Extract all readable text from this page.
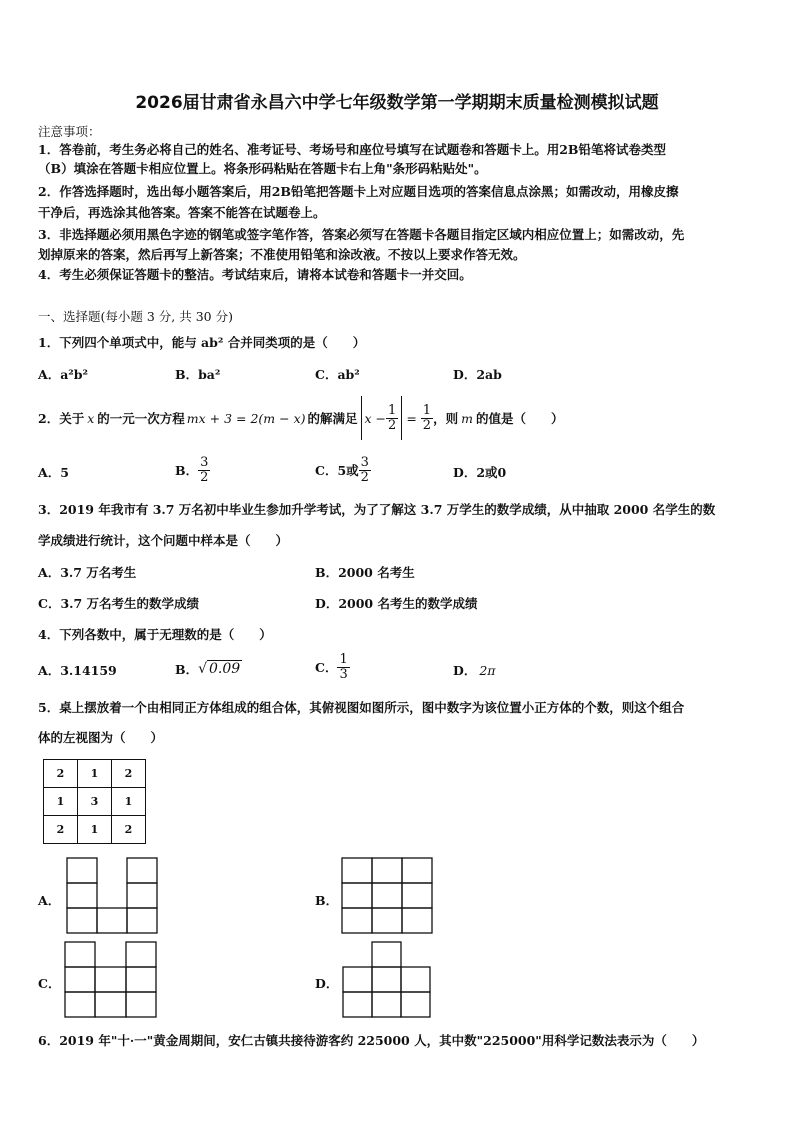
2026届甘肃省永昌六中学七年级数学第一学期期末质量检测模拟试题
注意事项：
1．答卷前，考生务必将自己的姓名、准考证号、考场号和座位号填写在试题卷和答题卡上。用2B铅笔将试卷类型
（B）填涂在答题卡相应位置上。将条形码粘贴在答题卡右上角"条形码粘贴处"。
2．作答选择题时，选出每小题答案后，用2B铅笔把答题卡上对应题目选项的答案信息点涂黑；如需改动，用橡皮擦
干净后，再选涂其他答案。答案不能答在试题卷上。
3．非选择题必须用黑色字迹的钢笔或签字笔作答，答案必须写在答题卡各题目指定区域内相应位置上；如需改动，先
划掉原来的答案，然后再写上新答案；不准使用铅笔和涂改液。不按以上要求作答无效。
4．考生必须保证答题卡的整洁。考试结束后，请将本试卷和答题卡一并交回。
一、选择题(每小题 3 分, 共 30 分)
1．下列四个单项式中，能与 ab² 合并同类项的是（　　）
A．a²b²	B．ba²	C．ab²	D．2ab
2．关于 x 的一元一次方程 mx + 3 = 2(m − x) 的解满足 $x - \frac{1}{2} = \frac{1}{2}$ ，则 m 的值是（　　）
A．5	B． $\frac{3}{2}$	C．5或 $\frac{3}{2}$	D．2或0
3．2019 年我市有 3.7 万名初中毕业生参加升学考试，为了了解这 3.7 万学生的数学成绩，从中抽取 2000 名学生的数
学成绩进行统计，这个问题中样本是（　　）
A．3.7 万名考生	B．2000 名考生
C．3.7 万名考生的数学成绩	D．2000 名考生的数学成绩
4．下列各数中，属于无理数的是（　　）
A．3.14159	B． √ 0.09	C． $\frac{1}{3}$	D． 2π
5．桌上摆放着一个由相同正方体组成的组合体，其俯视图如图所示，图中数字为该位置小正方体的个数，则这个组合
体的左视图为（　　）
2	1	2
1	3	1
2	1	2
A．	B．
C．	D．
6．2019 年"十·一"黄金周期间，安仁古镇共接待游客约 225000 人，其中数"225000"用科学记数法表示为（　　）
